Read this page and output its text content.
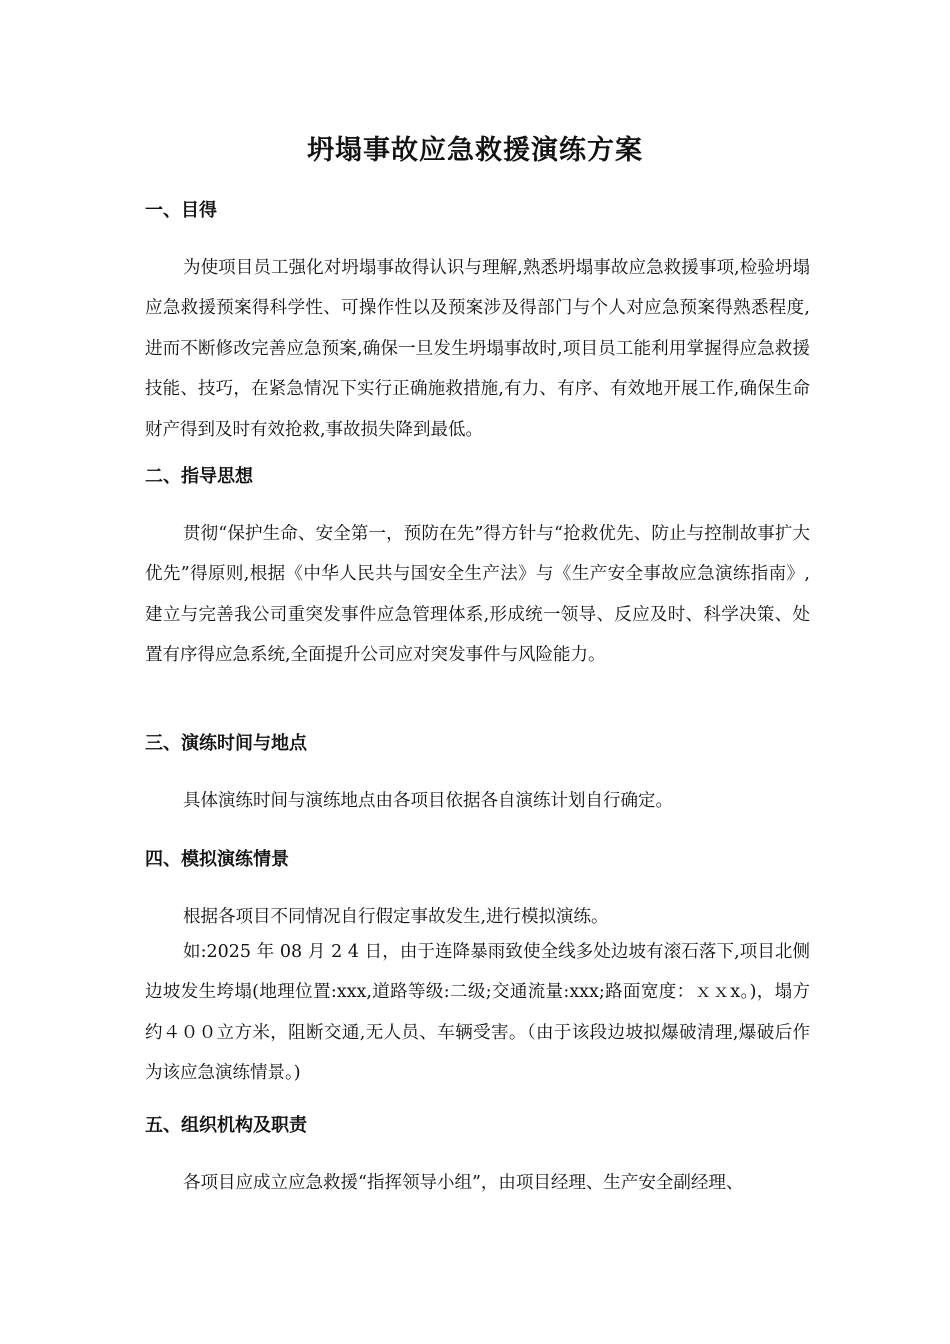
坍塌事故应急救援演练方案
一、目得
为使项目员工强化对坍塌事故得认识与理解,熟悉坍塌事故应急救援事项,检验坍塌应急救援预案得科学性、可操作性以及预案涉及得部门与个人对应急预案得熟悉程度,进而不断修改完善应急预案,确保一旦发生坍塌事故时,项目员工能利用掌握得应急救援技能、技巧，在紧急情况下实行正确施救措施,有力、有序、有效地开展工作,确保生命财产得到及时有效抢救,事故损失降到最低。
二、指导思想
贯彻“保护生命、安全第一，预防在先”得方针与“抢救优先、防止与控制故事扩大优先”得原则,根据《中华人民共与国安全生产法》与《生产安全事故应急演练指南》, 建立与完善我公司重突发事件应急管理体系,形成统一领导、反应及时、科学决策、处置有序得应急系统,全面提升公司应对突发事件与风险能力。
三、演练时间与地点
具体演练时间与演练地点由各项目依据各自演练计划自行确定。
四、模拟演练情景
根据各项目不同情况自行假定事故发生,进行模拟演练。
如:2025 年 08 月 2 4 日，由于连降暴雨致使全线多处边坡有滚石落下,项目北侧边坡发生垮塌(地理位置:xxx,道路等级:二级;交通流量:xxx;路面宽度：ｘｘx。)，塌方约４００立方米，阻断交通,无人员、车辆受害。（由于该段边坡拟爆破清理,爆破后作为该应急演练情景。)
五、组织机构及职责
各项目应成立应急救援“指挥领导小组”，由项目经理、生产安全副经理、
